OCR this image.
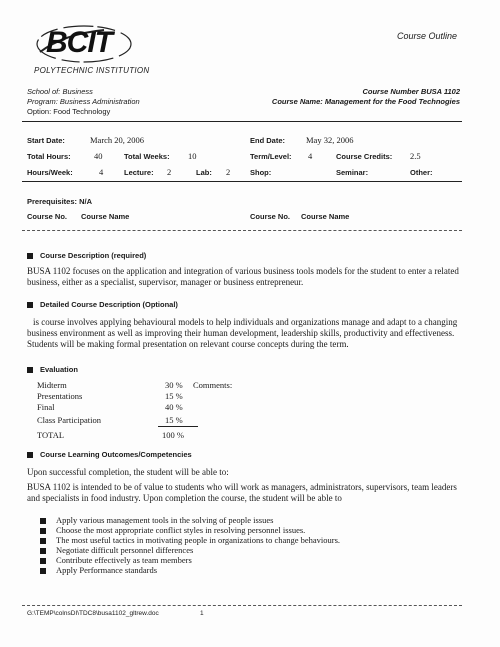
BCIT
POLYTECHNIC INSTITUTION
Course Outline
School of: Business
Program: Business Administration
Option: Food Technology
Course Number BUSA 1102
Course Name: Management for the Food Technogies
Start Date:	March 20, 2006	End Date: May 32, 2006
Total Hours:	40	Total Weeks: 10	Term/Level: 4	Course Credits: 2.5
Hours/Week:	4	Lecture: 2	Lab: 2	Shop:	Seminar:	Other:
Prerequisites: N/A
Course No. Course Name	Course No. Course Name
Course Description (required)
BUSA 1102 focuses on the application and integration of various business tools models for the student to enter a related
business, either as a specialist, supervisor, manager or business entrepreneur.
Detailed Course Description (Optional)
is course involves applying behavioural models to help individuals and organizations manage and adapt to a changing
business environment as well as improving their human development, leadership skills, productivity and effectiveness.
Students will be making formal presentation on relevant course concepts during the term.
Evaluation
Midterm	30 % Comments:
Presentations	15 %
Final	40 %
Class Participation	15 %
TOTAL	100 %
Course Learning Outcomes/Competencies
Upon successful completion, the student will be able to:
BUSA 1102 is intended to be of value to students who will work as managers, administrators, supervisors, team leaders
and specialists in food industry. Upon completion the course, the student will be able to
Apply various management tools in the solving of people issues
Choose the most appropriate conflict styles in resolving personnel issues.
The most useful tactics in motivating people in organizations to change behaviours.
Negotiate difficult personnel differences
Contribute effectively as team members
Apply Performance standards
G:\TEMP\colnsDI\TDC8\busa1102_gltrew.doc	1
